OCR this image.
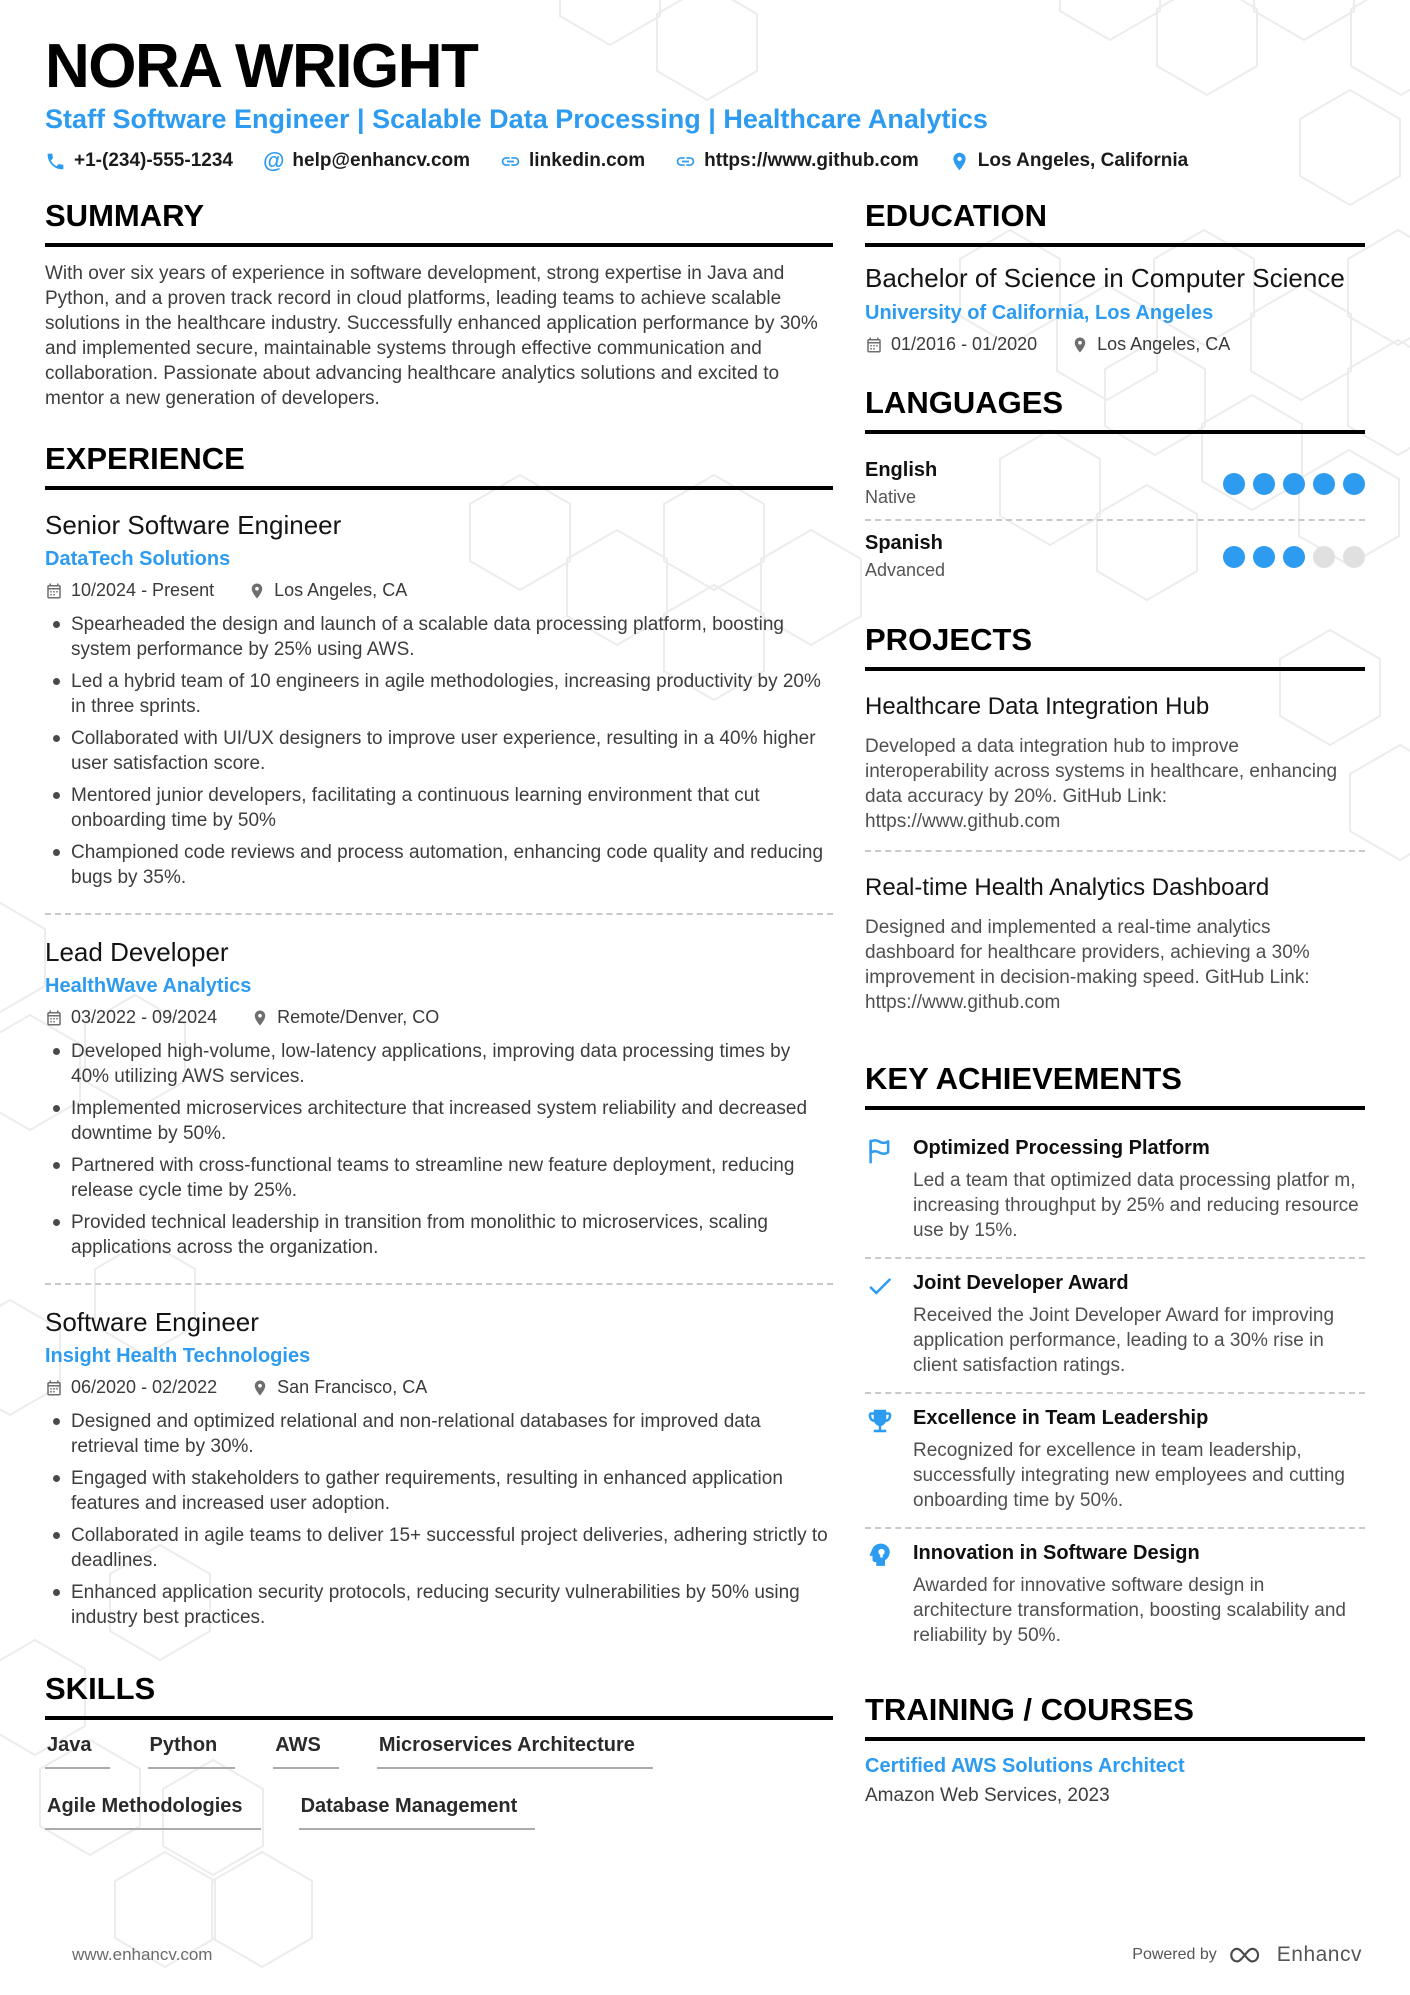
NORA WRIGHT
Staff Software Engineer | Scalable Data Processing | Healthcare Analytics
+1-(234)-555-1234 @ help@enhancv.com	linkedin.com	https://www.github.com	Los Angeles, California
SUMMARY

With over six years of experience in software development, strong expertise in Java and Python, and a proven track record in cloud platforms, leading teams to achieve scalable solutions in the healthcare industry. Successfully enhanced application performance by 30% and implemented secure, maintainable systems through effective communication and collaboration. Passionate about advancing healthcare analytics solutions and excited to mentor a new generation of developers.

EXPERIENCE
Senior Software Engineer
DataTech Solutions
10/2024 - Present	Los Angeles, CA
Spearheaded the design and launch of a scalable data processing platform, boosting system performance by 25% using AWS.
Led a hybrid team of 10 engineers in agile methodologies, increasing productivity by 20% in three sprints.
Collaborated with UI/UX designers to improve user experience, resulting in a 40% higher user satisfaction score.
Mentored junior developers, facilitating a continuous learning environment that cut onboarding time by 50%
Championed code reviews and process automation, enhancing code quality and reducing bugs by 35%.
Lead Developer
HealthWave Analytics
03/2022 - 09/2024	Remote/Denver, CO
Developed high-volume, low-latency applications, improving data processing times by 40% utilizing AWS services.
Implemented microservices architecture that increased system reliability and decreased downtime by 50%.
Partnered with cross-functional teams to streamline new feature deployment, reducing release cycle time by 25%.
Provided technical leadership in transition from monolithic to microservices, scaling applications across the organization.
Software Engineer
Insight Health Technologies
06/2020 - 02/2022	San Francisco, CA
Designed and optimized relational and non-relational databases for improved data retrieval time by 30%.
Engaged with stakeholders to gather requirements, resulting in enhanced application features and increased user adoption.
Collaborated in agile teams to deliver 15+ successful project deliveries, adhering strictly to deadlines.
Enhanced application security protocols, reducing security vulnerabilities by 50% using industry best practices.
SKILLS
Java	Python	AWS	Microservices Architecture
Agile Methodologies	Database Management
EDUCATION
Bachelor of Science in Computer Science
University of California, Los Angeles
01/2016 - 01/2020	Los Angeles, CA
LANGUAGES
English
Native
Spanish
Advanced
PROJECTS
Healthcare Data Integration Hub

Developed a data integration hub to improve interoperability across systems in healthcare, enhancing data accuracy by 20%. GitHub Link: https://www.github.com

Real-time Health Analytics Dashboard

Designed and implemented a real-time analytics dashboard for healthcare providers, achieving a 30% improvement in decision-making speed. GitHub Link: https://www.github.com

KEY ACHIEVEMENTS
Optimized Processing Platform

Led a team that optimized data processing platfor m, increasing throughput by 25% and reducing resource use by 15%.

Joint Developer Award

Received the Joint Developer Award for improving application performance, leading to a 30% rise in client satisfaction ratings.

Excellence in Team Leadership

Recognized for excellence in team leadership, successfully integrating new employees and cutting onboarding time by 50%.

Innovation in Software Design

Awarded for innovative software design in architecture transformation, boosting scalability and reliability by 50%.

TRAINING / COURSES
Certified AWS Solutions Architect
Amazon Web Services, 2023
www.enhancv.com	Powered by	Enhancv
